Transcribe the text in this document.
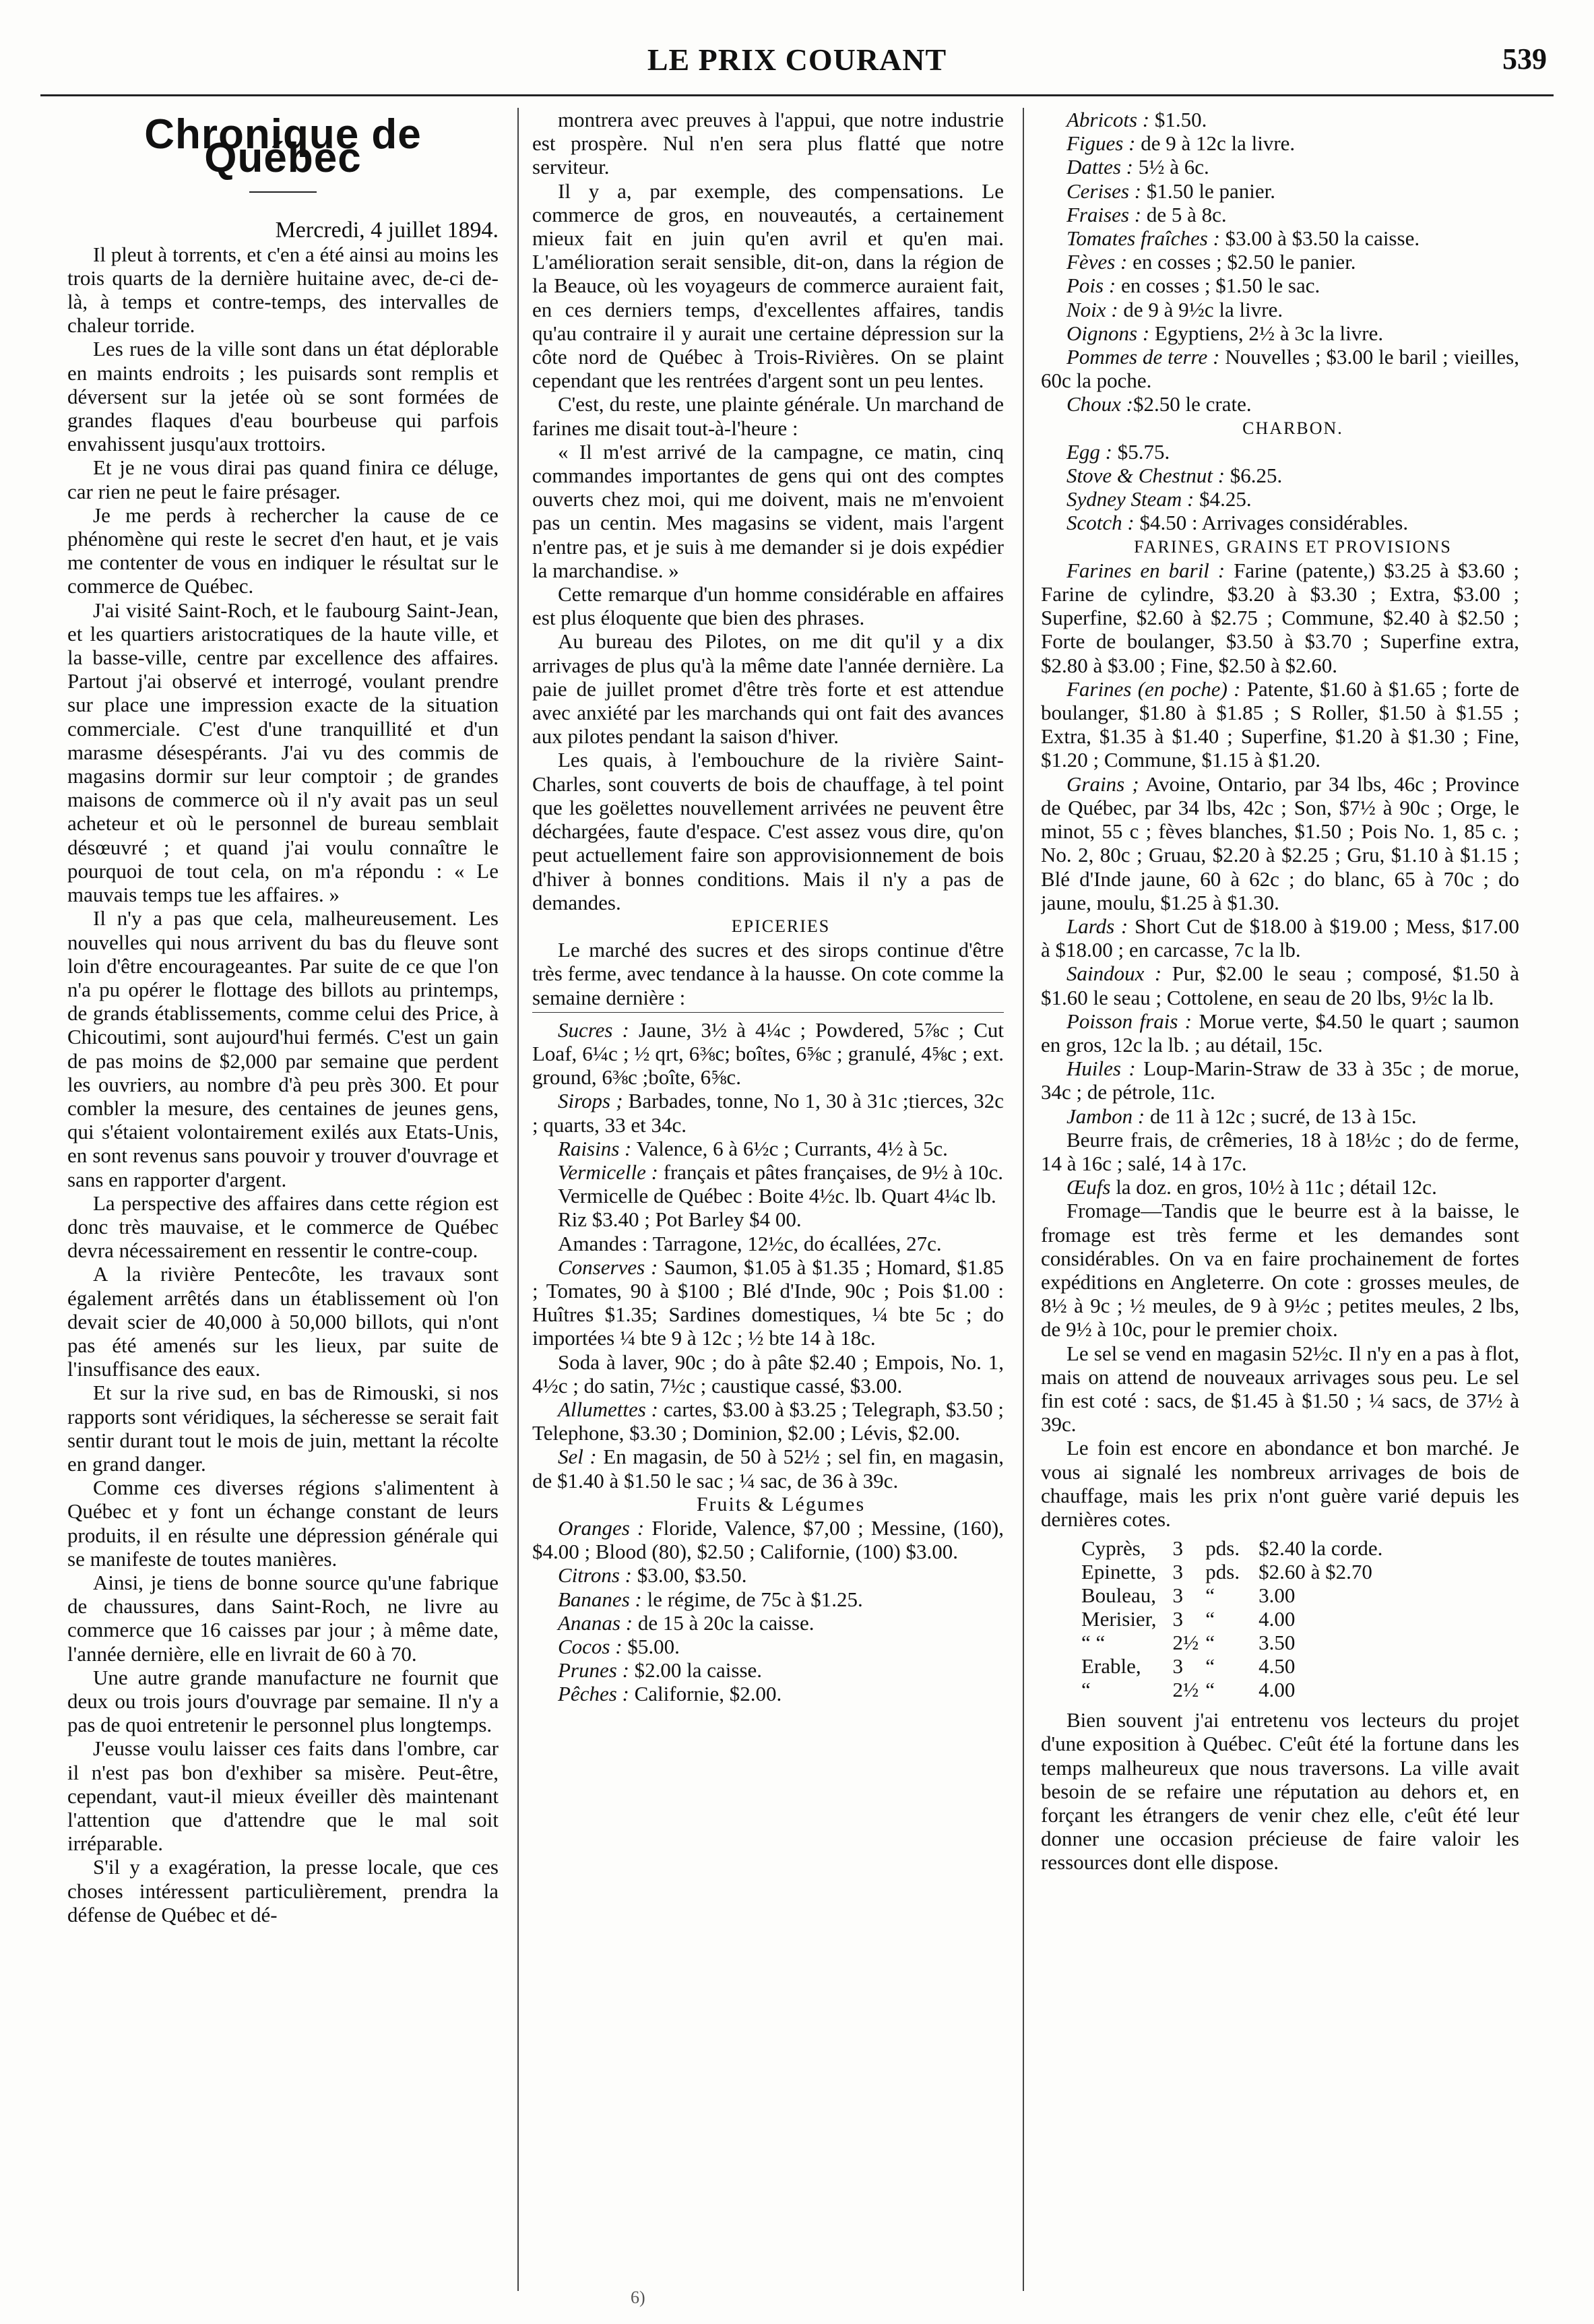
LE PRIX COURANT	539
Chronique de Québec

Mercredi, 4 juillet 1894.

Il pleut à torrents, et c'en a été ainsi au moins les trois quarts de la dernière huitaine avec, de-ci de-là, à temps et contre-temps, des intervalles de chaleur torride.

Les rues de la ville sont dans un état déplorable en maints endroits ; les puisards sont remplis et déversent sur la jetée où se sont formées de grandes flaques d'eau bourbeuse qui parfois envahissent jusqu'aux trottoirs.

Et je ne vous dirai pas quand finira ce déluge, car rien ne peut le faire présager.

Je me perds à rechercher la cause de ce phénomène qui reste le secret d'en haut, et je vais me contenter de vous en indiquer le résultat sur le commerce de Québec.

J'ai visité Saint-Roch, et le faubourg Saint-Jean, et les quartiers aristocratiques de la haute ville, et la basse-ville, centre par excellence des affaires. Partout j'ai observé et interrogé, voulant prendre sur place une impression exacte de la situation commerciale. C'est d'une tranquillité et d'un marasme désespérants. J'ai vu des commis de magasins dormir sur leur comptoir ; de grandes maisons de commerce où il n'y avait pas un seul acheteur et où le personnel de bureau semblait désœuvré ; et quand j'ai voulu connaître le pourquoi de tout cela, on m'a répondu : « Le mauvais temps tue les affaires. »

Il n'y a pas que cela, malheureusement. Les nouvelles qui nous arrivent du bas du fleuve sont loin d'être encourageantes. Par suite de ce que l'on n'a pu opérer le flottage des billots au printemps, de grands établissements, comme celui des Price, à Chicoutimi, sont aujourd'hui fermés. C'est un gain de pas moins de $2,000 par semaine que perdent les ouvriers, au nombre d'à peu près 300. Et pour combler la mesure, des centaines de jeunes gens, qui s'étaient volontairement exilés aux Etats-Unis, en sont revenus sans pouvoir y trouver d'ouvrage et sans en rapporter d'argent.

La perspective des affaires dans cette région est donc très mauvaise, et le commerce de Québec devra nécessairement en ressentir le contre-coup.

A la rivière Pentecôte, les travaux sont également arrêtés dans un établissement où l'on devait scier de 40,000 à 50,000 billots, qui n'ont pas été amenés sur les lieux, par suite de l'insuffisance des eaux.

Et sur la rive sud, en bas de Rimouski, si nos rapports sont véridiques, la sécheresse se serait fait sentir durant tout le mois de juin, mettant la récolte en grand danger.

Comme ces diverses régions s'alimentent à Québec et y font un échange constant de leurs produits, il en résulte une dépression générale qui se manifeste de toutes manières.

Ainsi, je tiens de bonne source qu'une fabrique de chaussures, dans Saint-Roch, ne livre au commerce que 16 caisses par jour ; à même date, l'année dernière, elle en livrait de 60 à 70.

Une autre grande manufacture ne fournit que deux ou trois jours d'ouvrage par semaine. Il n'y a pas de quoi entretenir le personnel plus longtemps.

J'eusse voulu laisser ces faits dans l'ombre, car il n'est pas bon d'exhiber sa misère. Peut-être, cependant, vaut-il mieux éveiller dès maintenant l'attention que d'attendre que le mal soit irréparable.

S'il y a exagération, la presse locale, que ces choses intéressent particulièrement, prendra la défense de Québec et dé-

montrera avec preuves à l'appui, que notre industrie est prospère. Nul n'en sera plus flatté que notre serviteur.

Il y a, par exemple, des compensations. Le commerce de gros, en nouveautés, a certainement mieux fait en juin qu'en avril et qu'en mai. L'amélioration serait sensible, dit-on, dans la région de la Beauce, où les voyageurs de commerce auraient fait, en ces derniers temps, d'excellentes affaires, tandis qu'au contraire il y aurait une certaine dépression sur la côte nord de Québec à Trois-Rivières. On se plaint cependant que les rentrées d'argent sont un peu lentes.

C'est, du reste, une plainte générale. Un marchand de farines me disait tout-à-l'heure :

« Il m'est arrivé de la campagne, ce matin, cinq commandes importantes de gens qui ont des comptes ouverts chez moi, qui me doivent, mais ne m'envoient pas un centin. Mes magasins se vident, mais l'argent n'entre pas, et je suis à me demander si je dois expédier la marchandise. »

Cette remarque d'un homme considérable en affaires est plus éloquente que bien des phrases.

Au bureau des Pilotes, on me dit qu'il y a dix arrivages de plus qu'à la même date l'année dernière. La paie de juillet promet d'être très forte et est attendue avec anxiété par les marchands qui ont fait des avances aux pilotes pendant la saison d'hiver.

Les quais, à l'embouchure de la rivière Saint-Charles, sont couverts de bois de chauffage, à tel point que les goëlettes nouvellement arrivées ne peuvent être déchargées, faute d'espace. C'est assez vous dire, qu'on peut actuellement faire son approvisionnement de bois d'hiver à bonnes conditions. Mais il n'y a pas de demandes.

EPICERIES

Le marché des sucres et des sirops continue d'être très ferme, avec tendance à la hausse. On cote comme la semaine dernière :

Sucres : Jaune, 3½ à 4¼c ; Powdered, 5⅞c ; Cut Loaf, 6¼c ; ½ qrt, 6⅜c; boîtes, 6⅝c ; granulé, 4⅝c ; ext. ground, 6⅜c ;boîte, 6⅝c.

Sirops ; Barbades, tonne, No 1, 30 à 31c ;tierces, 32c ; quarts, 33 et 34c.

Raisins : Valence, 6 à 6½c ; Currants, 4½ à 5c.

Vermicelle : français et pâtes françaises, de 9½ à 10c.

Vermicelle de Québec : Boite 4½c. lb. Quart 4¼c lb.

Riz $3.40 ; Pot Barley $4 00.

Amandes : Tarragone, 12½c, do écallées, 27c.

Conserves : Saumon, $1.05 à $1.35 ; Homard, $1.85 ; Tomates, 90 à $100 ; Blé d'Inde, 90c ; Pois $1.00 : Huîtres $1.35; Sardines domestiques, ¼ bte 5c ; do importées ¼ bte 9 à 12c ; ½ bte 14 à 18c.

Soda à laver, 90c ; do à pâte $2.40 ; Empois, No. 1, 4½c ; do satin, 7½c ; caustique cassé, $3.00.

Allumettes : cartes, $3.00 à $3.25 ; Telegraph, $3.50 ; Telephone, $3.30 ; Dominion, $2.00 ; Lévis, $2.00.

Sel : En magasin, de 50 à 52½ ; sel fin, en magasin, de $1.40 à $1.50 le sac ; ¼ sac, de 36 à 39c.

Fruits & Légumes

Oranges : Floride, Valence, $7,00 ; Messine, (160), $4.00 ; Blood (80), $2.50 ; Californie, (100) $3.00.

Citrons : $3.00, $3.50.

Bananes : le régime, de 75c à $1.25.

Ananas : de 15 à 20c la caisse.

Cocos : $5.00.

Prunes : $2.00 la caisse.

Pêches : Californie, $2.00.

Abricots : $1.50.

Figues : de 9 à 12c la livre.

Dattes : 5½ à 6c.

Cerises : $1.50 le panier.

Fraises : de 5 à 8c.

Tomates fraîches : $3.00 à $3.50 la caisse.

Fèves : en cosses ; $2.50 le panier.

Pois : en cosses ; $1.50 le sac.

Noix : de 9 à 9½c la livre.

Oignons : Egyptiens, 2½ à 3c la livre.

Pommes de terre : Nouvelles ; $3.00 le baril ; vieilles, 60c la poche.

Choux :$2.50 le crate.

CHARBON.

Egg : $5.75.

Stove & Chestnut : $6.25.

Sydney Steam : $4.25.

Scotch : $4.50 : Arrivages considérables.

FARINES, GRAINS ET PROVISIONS

Farines en baril : Farine (patente,) $3.25 à $3.60 ; Farine de cylindre, $3.20 à $3.30 ; Extra, $3.00 ; Superfine, $2.60 à $2.75 ; Commune, $2.40 à $2.50 ; Forte de boulanger, $3.50 à $3.70 ; Superfine extra, $2.80 à $3.00 ; Fine, $2.50 à $2.60.

Farines (en poche) : Patente, $1.60 à $1.65 ; forte de boulanger, $1.80 à $1.85 ; S Roller, $1.50 à $1.55 ; Extra, $1.35 à $1.40 ; Superfine, $1.20 à $1.30 ; Fine, $1.20 ; Commune, $1.15 à $1.20.

Grains ; Avoine, Ontario, par 34 lbs, 46c ; Province de Québec, par 34 lbs, 42c ; Son, $7½ à 90c ; Orge, le minot, 55 c ; fèves blanches, $1.50 ; Pois No. 1, 85 c. ; No. 2, 80c ; Gruau, $2.20 à $2.25 ; Gru, $1.10 à $1.15 ; Blé d'Inde jaune, 60 à 62c ; do blanc, 65 à 70c ; do jaune, moulu, $1.25 à $1.30.

Lards : Short Cut de $18.00 à $19.00 ; Mess, $17.00 à $18.00 ; en carcasse, 7c la lb.

Saindoux : Pur, $2.00 le seau ; composé, $1.50 à $1.60 le seau ; Cottolene, en seau de 20 lbs, 9½c la lb.

Poisson frais : Morue verte, $4.50 le quart ; saumon en gros, 12c la lb. ; au détail, 15c.

Huiles : Loup-Marin-Straw de 33 à 35c ; de morue, 34c ; de pétrole, 11c.

Jambon : de 11 à 12c ; sucré, de 13 à 15c.

Beurre frais, de crêmeries, 18 à 18½c ; do de ferme, 14 à 16c ; salé, 14 à 17c.

Œufs la doz. en gros, 10½ à 11c ; détail 12c.

Fromage—Tandis que le beurre est à la baisse, le fromage est très ferme et les demandes sont considérables. On va en faire prochainement de fortes expéditions en Angleterre. On cote : grosses meules, de 8½ à 9c ; ½ meules, de 9 à 9½c ; petites meules, 2 lbs, de 9½ à 10c, pour le premier choix.

Le sel se vend en magasin 52½c. Il n'y en a pas à flot, mais on attend de nouveaux arrivages sous peu. Le sel fin est coté : sacs, de $1.45 à $1.50 ; ¼ sacs, de 37½ à 39c.

Le foin est encore en abondance et bon marché. Je vous ai signalé les nombreux arrivages de bois de chauffage, mais les prix n'ont guère varié depuis les dernières cotes.

Cyprès,	3	pds.	$2.40 la corde.
Epinette,	3	pds.	$2.60 à $2.70
Bouleau,	3	“	3.00
Merisier,	3	“	4.00
“ “	2½	“	3.50
Erable,	3	“	4.50
“	2½	“	4.00

Bien souvent j'ai entretenu vos lecteurs du projet d'une exposition à Québec. C'eût été la fortune dans les temps malheureux que nous traversons. La ville avait besoin de se refaire une réputation au dehors et, en forçant les étrangers de venir chez elle, c'eût été leur donner une occasion précieuse de faire valoir les ressources dont elle dispose.

6)
